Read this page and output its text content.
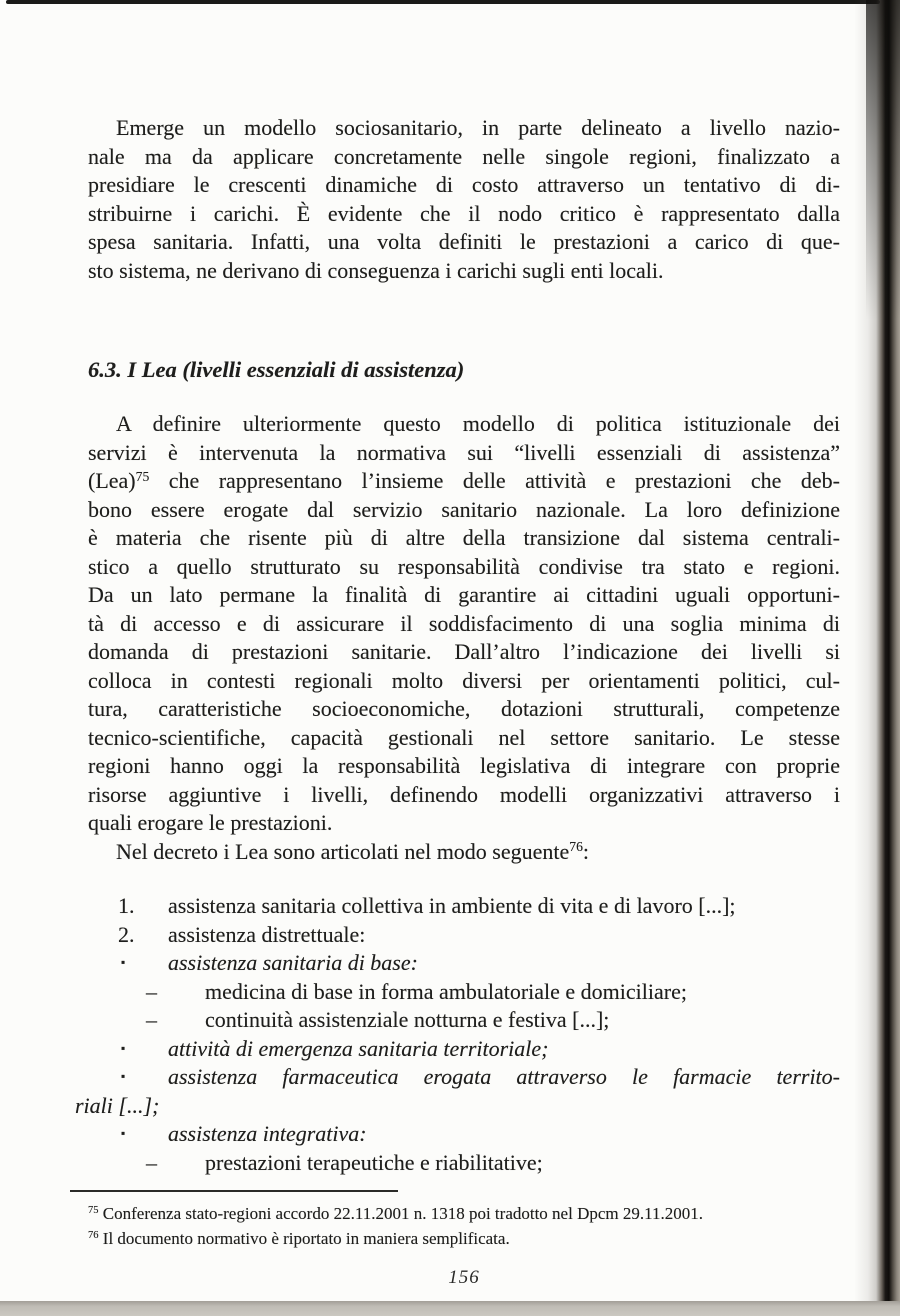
Emerge un modello sociosanitario, in parte delineato a livello nazio-
nale ma da applicare concretamente nelle singole regioni, finalizzato a
presidiare le crescenti dinamiche di costo attraverso un tentativo di di-
stribuirne i carichi. È evidente che il nodo critico è rappresentato dalla
spesa sanitaria. Infatti, una volta definiti le prestazioni a carico di que-
sto sistema, ne derivano di conseguenza i carichi sugli enti locali.
6.3. I Lea (livelli essenziali di assistenza)
A definire ulteriormente questo modello di politica istituzionale dei
servizi è intervenuta la normativa sui “livelli essenziali di assistenza”
(Lea)$^{75}$ che rappresentano l’insieme delle attività e prestazioni che deb-
bono essere erogate dal servizio sanitario nazionale. La loro definizione
è materia che risente più di altre della transizione dal sistema centrali-
stico a quello strutturato su responsabilità condivise tra stato e regioni.
Da un lato permane la finalità di garantire ai cittadini uguali opportuni-
tà di accesso e di assicurare il soddisfacimento di una soglia minima di
domanda di prestazioni sanitarie. Dall’altro l’indicazione dei livelli si
colloca in contesti regionali molto diversi per orientamenti politici, cul-
tura, caratteristiche socioeconomiche, dotazioni strutturali, competenze
tecnico-scientifiche, capacità gestionali nel settore sanitario. Le stesse
regioni hanno oggi la responsabilità legislativa di integrare con proprie
risorse aggiuntive i livelli, definendo modelli organizzativi attraverso i
quali erogare le prestazioni.
Nel decreto i Lea sono articolati nel modo seguente$^{76}$:
1.	assistenza sanitaria collettiva in ambiente di vita e di lavoro [...];
2.	assistenza distrettuale:
▪	assistenza sanitaria di base:
–	medicina di base in forma ambulatoriale e domiciliare;
–	continuità assistenziale notturna e festiva [...];
▪	attività di emergenza sanitaria territoriale;
▪	assistenza farmaceutica erogata attraverso le farmacie territo-
riali [...];
▪	assistenza integrativa:
–	prestazioni terapeutiche e riabilitative;
$^{75}$ Conferenza stato-regioni accordo 22.11.2001 n. 1318 poi tradotto nel Dpcm 29.11.2001.
$^{76}$ Il documento normativo è riportato in maniera semplificata.
156
